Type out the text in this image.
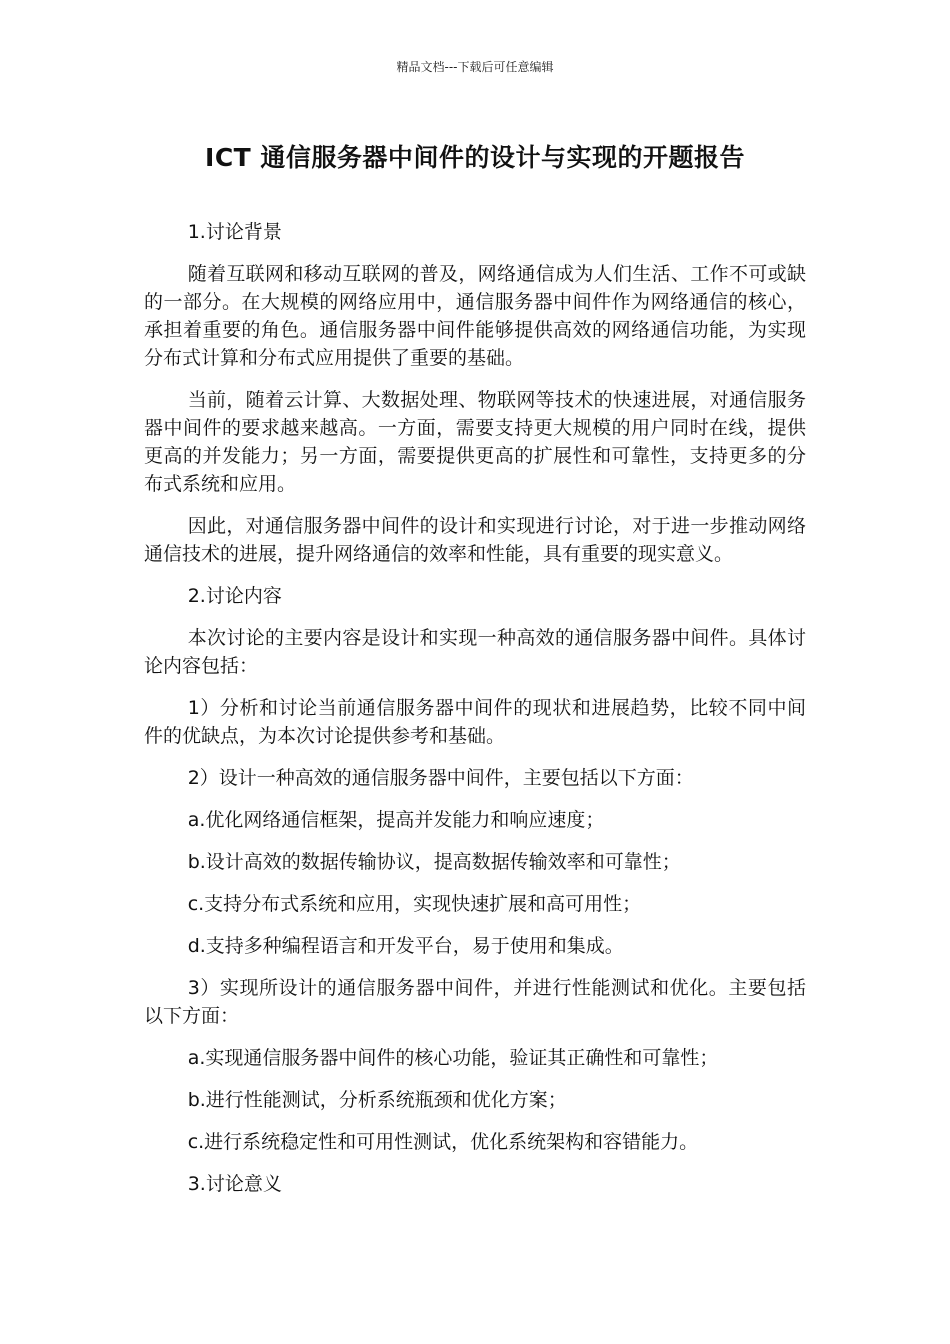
精品文档---下载后可任意编辑
ICT 通信服务器中间件的设计与实现的开题报告

1.讨论背景

随着互联网和移动互联网的普及，网络通信成为人们生活、工作不可或缺的一部分。在大规模的网络应用中，通信服务器中间件作为网络通信的核心，承担着重要的角色。通信服务器中间件能够提供高效的网络通信功能，为实现分布式计算和分布式应用提供了重要的基础。

当前，随着云计算、大数据处理、物联网等技术的快速进展，对通信服务器中间件的要求越来越高。一方面，需要支持更大规模的用户同时在线，提供更高的并发能力；另一方面，需要提供更高的扩展性和可靠性，支持更多的分布式系统和应用。

因此，对通信服务器中间件的设计和实现进行讨论，对于进一步推动网络通信技术的进展，提升网络通信的效率和性能，具有重要的现实意义。

2.讨论内容

本次讨论的主要内容是设计和实现一种高效的通信服务器中间件。具体讨论内容包括：

1）分析和讨论当前通信服务器中间件的现状和进展趋势，比较不同中间件的优缺点，为本次讨论提供参考和基础。

2）设计一种高效的通信服务器中间件，主要包括以下方面：

a.优化网络通信框架，提高并发能力和响应速度；

b.设计高效的数据传输协议，提高数据传输效率和可靠性；

c.支持分布式系统和应用，实现快速扩展和高可用性；

d.支持多种编程语言和开发平台，易于使用和集成。

3）实现所设计的通信服务器中间件，并进行性能测试和优化。主要包括以下方面：

a.实现通信服务器中间件的核心功能，验证其正确性和可靠性；

b.进行性能测试，分析系统瓶颈和优化方案；

c.进行系统稳定性和可用性测试，优化系统架构和容错能力。

3.讨论意义
